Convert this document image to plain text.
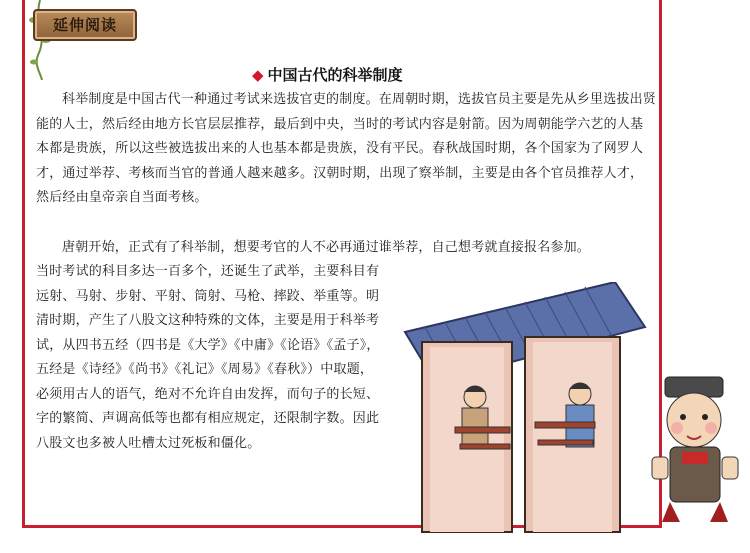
延伸阅读
◆ 中国古代的科举制度
科举制度是中国古代一种通过考试来选拔官吏的制度。在周朝时期，选拔官员主要是先从乡里选拔出贤能的人士，然后经由地方长官层层推荐，最后到中央，当时的考试内容是射箭。因为周朝能学六艺的人基本都是贵族，所以这些被选拔出来的人也基本都是贵族，没有平民。春秋战国时期，各个国家为了网罗人才，通过举荐、考核而当官的普通人越来越多。汉朝时期，出现了察举制，主要是由各个官员推荐人才，然后经由皇帝亲自当面考核。
唐朝开始，正式有了科举制，想要考官的人不必再通过谁举荐，自己想考就直接报名参加。
当时考试的科目多达一百多个，还诞生了武举，主要科目有远射、马射、步射、平射、筒射、马枪、摔跤、举重等。明清时期，产生了八股文这种特殊的文体，主要是用于科举考试，从四书五经（四书是《大学》《中庸》《论语》《孟子》，五经是《诗经》《尚书》《礼记》《周易》《春秋》）中取题，必须用古人的语气，绝对不允许自由发挥，而句子的长短、字的繁简、声调高低等也都有相应规定，还限制字数。因此八股文也多被人吐槽太过死板和僵化。
